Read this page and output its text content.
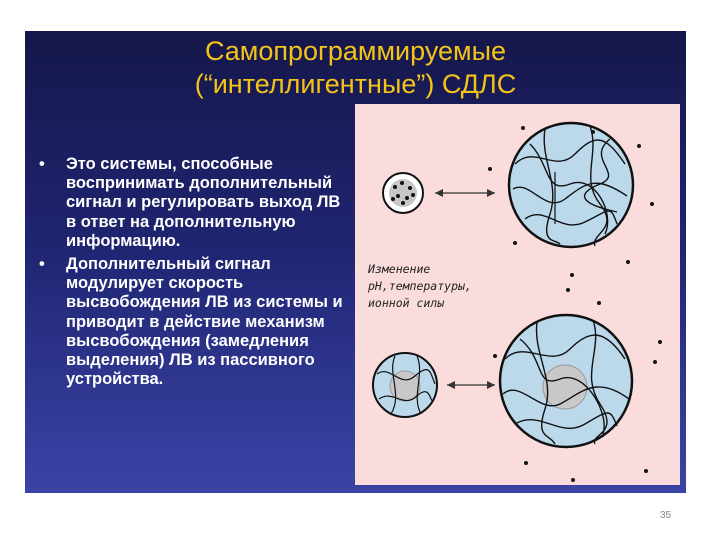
Самопрограммируемые
(“интеллигентные”) СДЛС
• Это системы, способные воспринимать дополнительный сигнал и регулировать выход ЛВ в ответ на дополнительную информацию.
• Дополнительный сигнал модулирует скорость высвобождения ЛВ из системы и приводит в действие механизм высвобождения (замедления выделения) ЛВ из пассивного устройства.
Изменение
рН,температуры,
ионной силы
35
